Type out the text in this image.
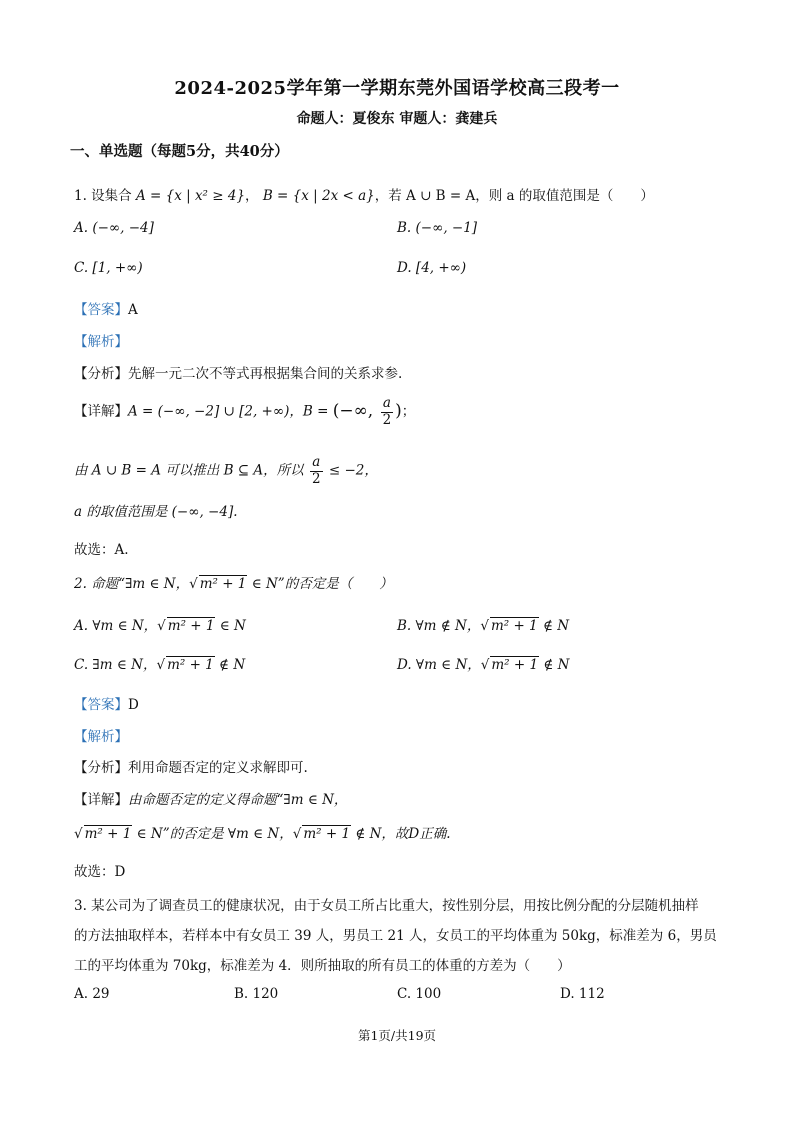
2024-2025学年第一学期东莞外国语学校高三段考一
命题人：夏俊东 审题人：龚建兵
一、单选题（每题5分，共40分）
1. 设集合 A = {x | x² ≥ 4}， B = {x | 2x < a}，若 A ∪ B = A，则 a 的取值范围是（　　）
A. (−∞, −4]	B. (−∞, −1]
C. [1, +∞)	D. [4, +∞)
【答案】A
【解析】
【分析】先解一元二次不等式再根据集合间的关系求参.
【详解】A = (−∞, −2] ∪ [2, +∞)，B = (−∞, $\frac{a}{2}$ )；
由 A ∪ B = A 可以推出 B ⊆ A，所以 $\frac{a}{2} \le -2$，
a 的取值范围是 (−∞, −4].
故选：A.
2. 命题“∃m ∈ N，√ m² + 1 ∈ N”的否定是（　　）
A. ∀m ∈ N，√ m² + 1 ∈ N	B. ∀m ∉ N，√ m² + 1 ∉ N
C. ∃m ∈ N，√ m² + 1 ∉ N	D. ∀m ∈ N，√ m² + 1 ∉ N
【答案】D
【解析】
【分析】利用命题否定的定义求解即可.
【详解】由命题否定的定义得命题“∃m ∈ N，
√ m² + 1 ∈ N”的否定是 ∀m ∈ N，√ m² + 1 ∉ N，故D正确.
故选：D
3. 某公司为了调查员工的健康状况，由于女员工所占比重大，按性别分层，用按比例分配的分层随机抽样
的方法抽取样本，若样本中有女员工 39 人，男员工 21 人，女员工的平均体重为 50kg，标准差为 6，男员
工的平均体重为 70kg，标准差为 4．则所抽取的所有员工的体重的方差为（　　）
A. 29	B. 120	C. 100	D. 112
第1页/共19页
